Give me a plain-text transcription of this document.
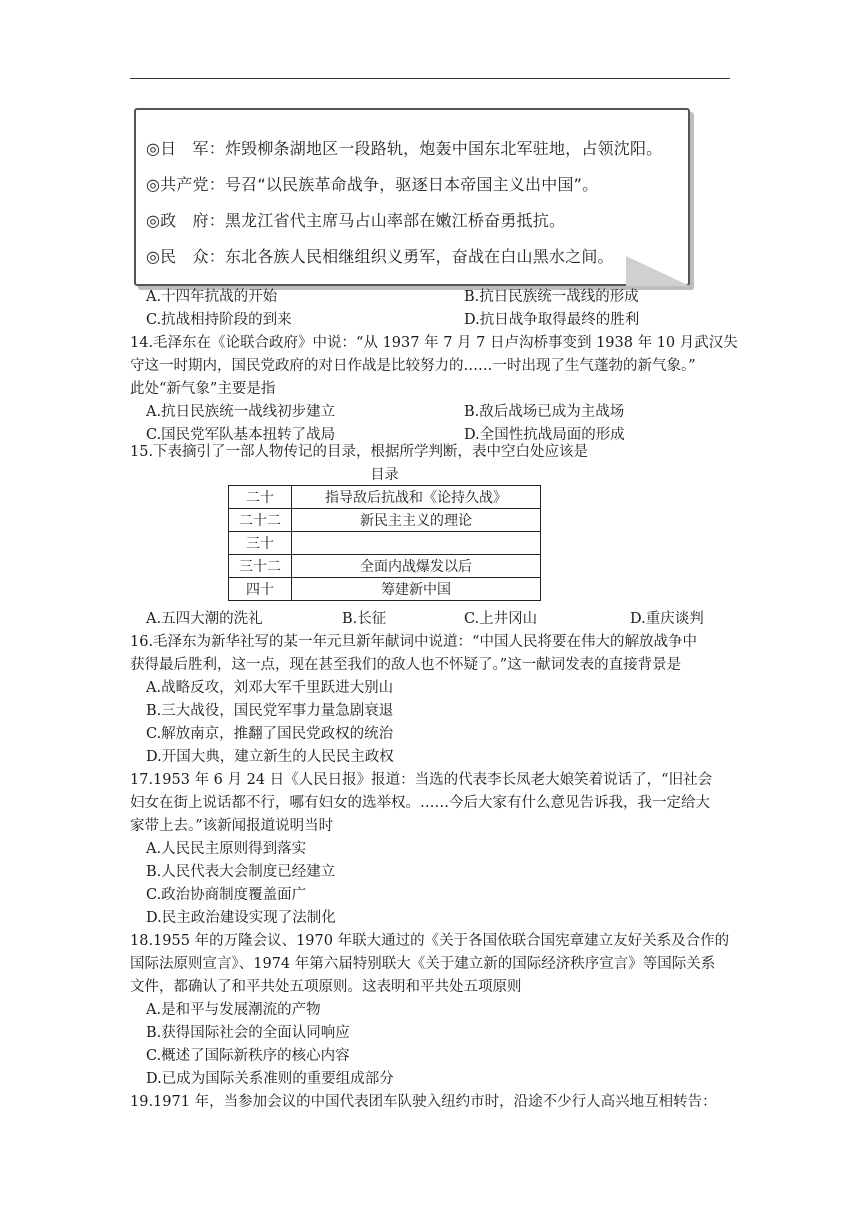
◎日　军：炸毁柳条湖地区一段路轨，炮轰中国东北军驻地，占领沈阳。
◎共产党：号召“以民族革命战争，驱逐日本帝国主义出中国”。
◎政　府：黑龙江省代主席马占山率部在嫩江桥奋勇抵抗。
◎民　众：东北各族人民相继组织义勇军，奋战在白山黑水之间。
A.十四年抗战的开始	B.抗日民族统一战线的形成
C.抗战相持阶段的到来	D.抗日战争取得最终的胜利
14.毛泽东在《论联合政府》中说：“从 1937 年 7 月 7 日卢沟桥事变到 1938 年 10 月武汉失
守这一时期内，国民党政府的对日作战是比较努力的……一时出现了生气蓬勃的新气象。”
此处“新气象”主要是指
A.抗日民族统一战线初步建立	B.敌后战场已成为主战场
C.国民党军队基本扭转了战局	D.全国性抗战局面的形成
15.下表摘引了一部人物传记的目录，根据所学判断，表中空白处应该是
目录	
二十	指导敌后抗战和《论持久战》
二十二	新民主主义的理论
三十	
三十二	全面内战爆发以后
四十	筹建新中国
A.五四大潮的洗礼	B.长征	C.上井冈山	D.重庆谈判
16.毛泽东为新华社写的某一年元旦新年献词中说道：“中国人民将要在伟大的解放战争中
获得最后胜利，这一点，现在甚至我们的敌人也不怀疑了。”这一献词发表的直接背景是
A.战略反攻，刘邓大军千里跃进大别山
B.三大战役，国民党军事力量急剧衰退
C.解放南京，推翻了国民党政权的统治
D.开国大典，建立新生的人民民主政权
17.1953 年 6 月 24 日《人民日报》报道：当选的代表李长凤老大娘笑着说话了，“旧社会
妇女在街上说话都不行，哪有妇女的选举权。……今后大家有什么意见告诉我，我一定给大
家带上去。”该新闻报道说明当时
A.人民民主原则得到落实
B.人民代表大会制度已经建立
C.政治协商制度覆盖面广
D.民主政治建设实现了法制化
18.1955 年的万隆会议、1970 年联大通过的《关于各国依联合国宪章建立友好关系及合作的
国际法原则宣言》、1974 年第六届特别联大《关于建立新的国际经济秩序宣言》等国际关系
文件，都确认了和平共处五项原则。这表明和平共处五项原则
A.是和平与发展潮流的产物
B.获得国际社会的全面认同响应
C.概述了国际新秩序的核心内容
D.已成为国际关系准则的重要组成部分
19.1971 年，当参加会议的中国代表团车队驶入纽约市时，沿途不少行人高兴地互相转告：
